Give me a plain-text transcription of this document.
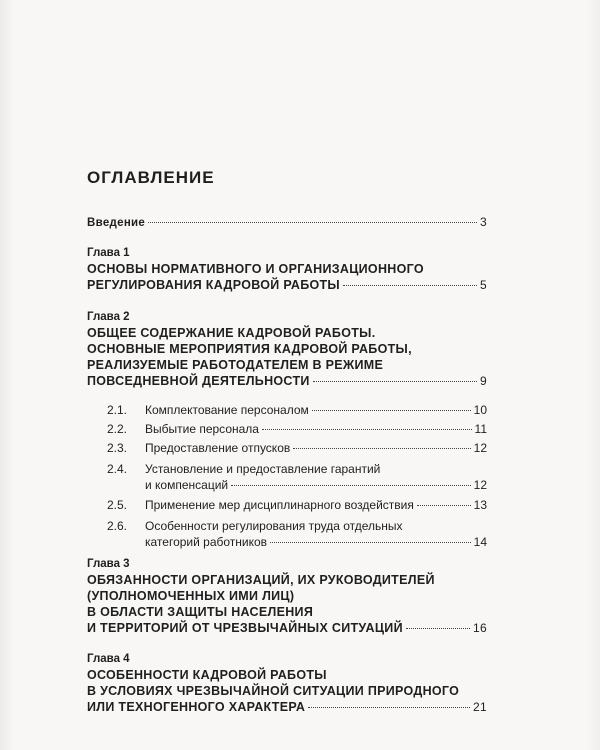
ОГЛАВЛЕНИЕ
Введение	3
Глава 1
ОСНОВЫ НОРМАТИВНОГО И ОРГАНИЗАЦИОННОГО
РЕГУЛИРОВАНИЯ КАДРОВОЙ РАБОТЫ	5
Глава 2
ОБЩЕЕ СОДЕРЖАНИЕ КАДРОВОЙ РАБОТЫ.
ОСНОВНЫЕ МЕРОПРИЯТИЯ КАДРОВОЙ РАБОТЫ,
РЕАЛИЗУЕМЫЕ РАБОТОДАТЕЛЕМ В РЕЖИМЕ
ПОВСЕДНЕВНОЙ ДЕЯТЕЛЬНОСТИ	9
2.1.	Комплектование персоналом	10
2.2.	Выбытие персонала	11
2.3.	Предоставление отпусков	12
2.4.	Установление и предоставление гарантий
и компенсаций	12
2.5.	Применение мер дисциплинарного воздействия	13
2.6.	Особенности регулирования труда отдельных
категорий работников	14
Глава 3
ОБЯЗАННОСТИ ОРГАНИЗАЦИЙ, ИХ РУКОВОДИТЕЛЕЙ
(УПОЛНОМОЧЕННЫХ ИМИ ЛИЦ)
В ОБЛАСТИ ЗАЩИТЫ НАСЕЛЕНИЯ
И ТЕРРИТОРИЙ ОТ ЧРЕЗВЫЧАЙНЫХ СИТУАЦИЙ	16
Глава 4
ОСОБЕННОСТИ КАДРОВОЙ РАБОТЫ
В УСЛОВИЯХ ЧРЕЗВЫЧАЙНОЙ СИТУАЦИИ ПРИРОДНОГО
ИЛИ ТЕХНОГЕННОГО ХАРАКТЕРА	21
